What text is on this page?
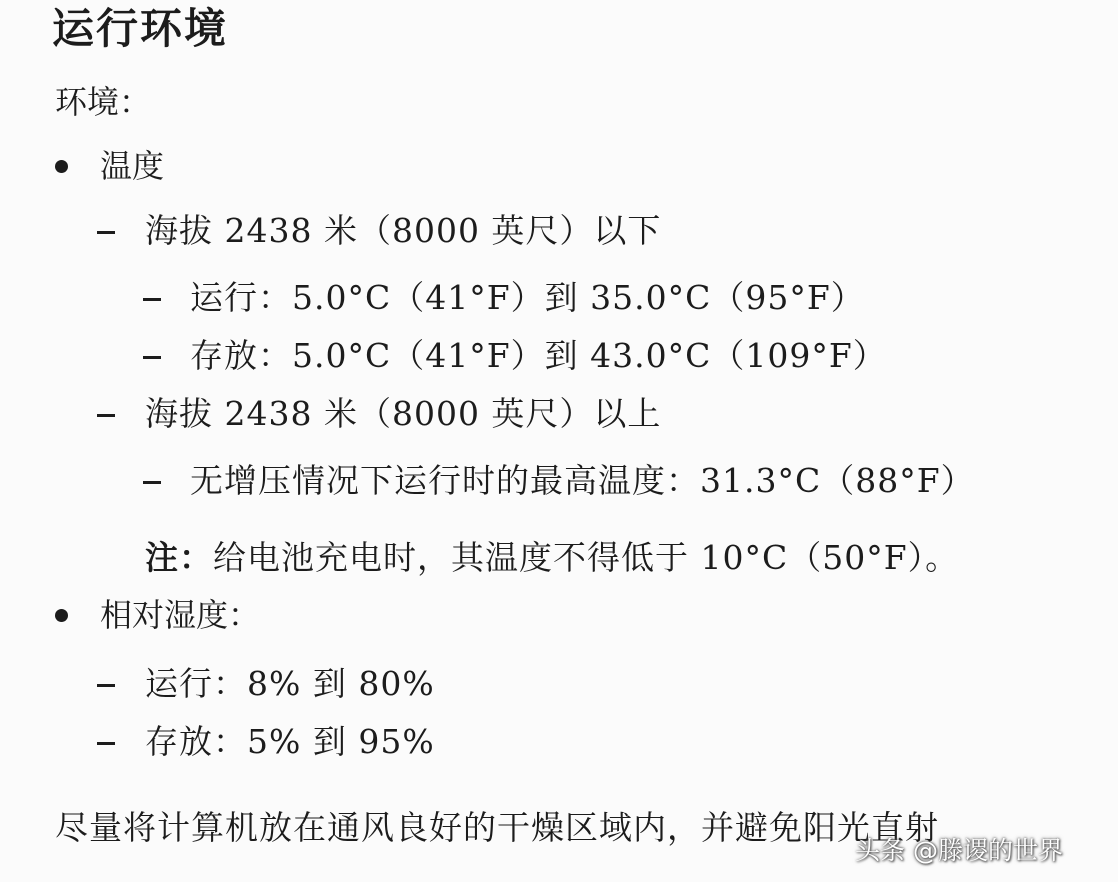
运行环境
环境：
温度
海拔 2438 米（8000 英尺）以下
运行：5.0°C（41°F）到 35.0°C（95°F）
存放：5.0°C（41°F）到 43.0°C（109°F）
海拔 2438 米（8000 英尺）以上
无增压情况下运行时的最高温度：31.3°C（88°F）
注：给电池充电时，其温度不得低于 10°C（50°F）。
相对湿度：
运行：8% 到 80%
存放：5% 到 95%
尽量将计算机放在通风良好的干燥区域内，并避免阳光直射
头条 @滕谡的世界
